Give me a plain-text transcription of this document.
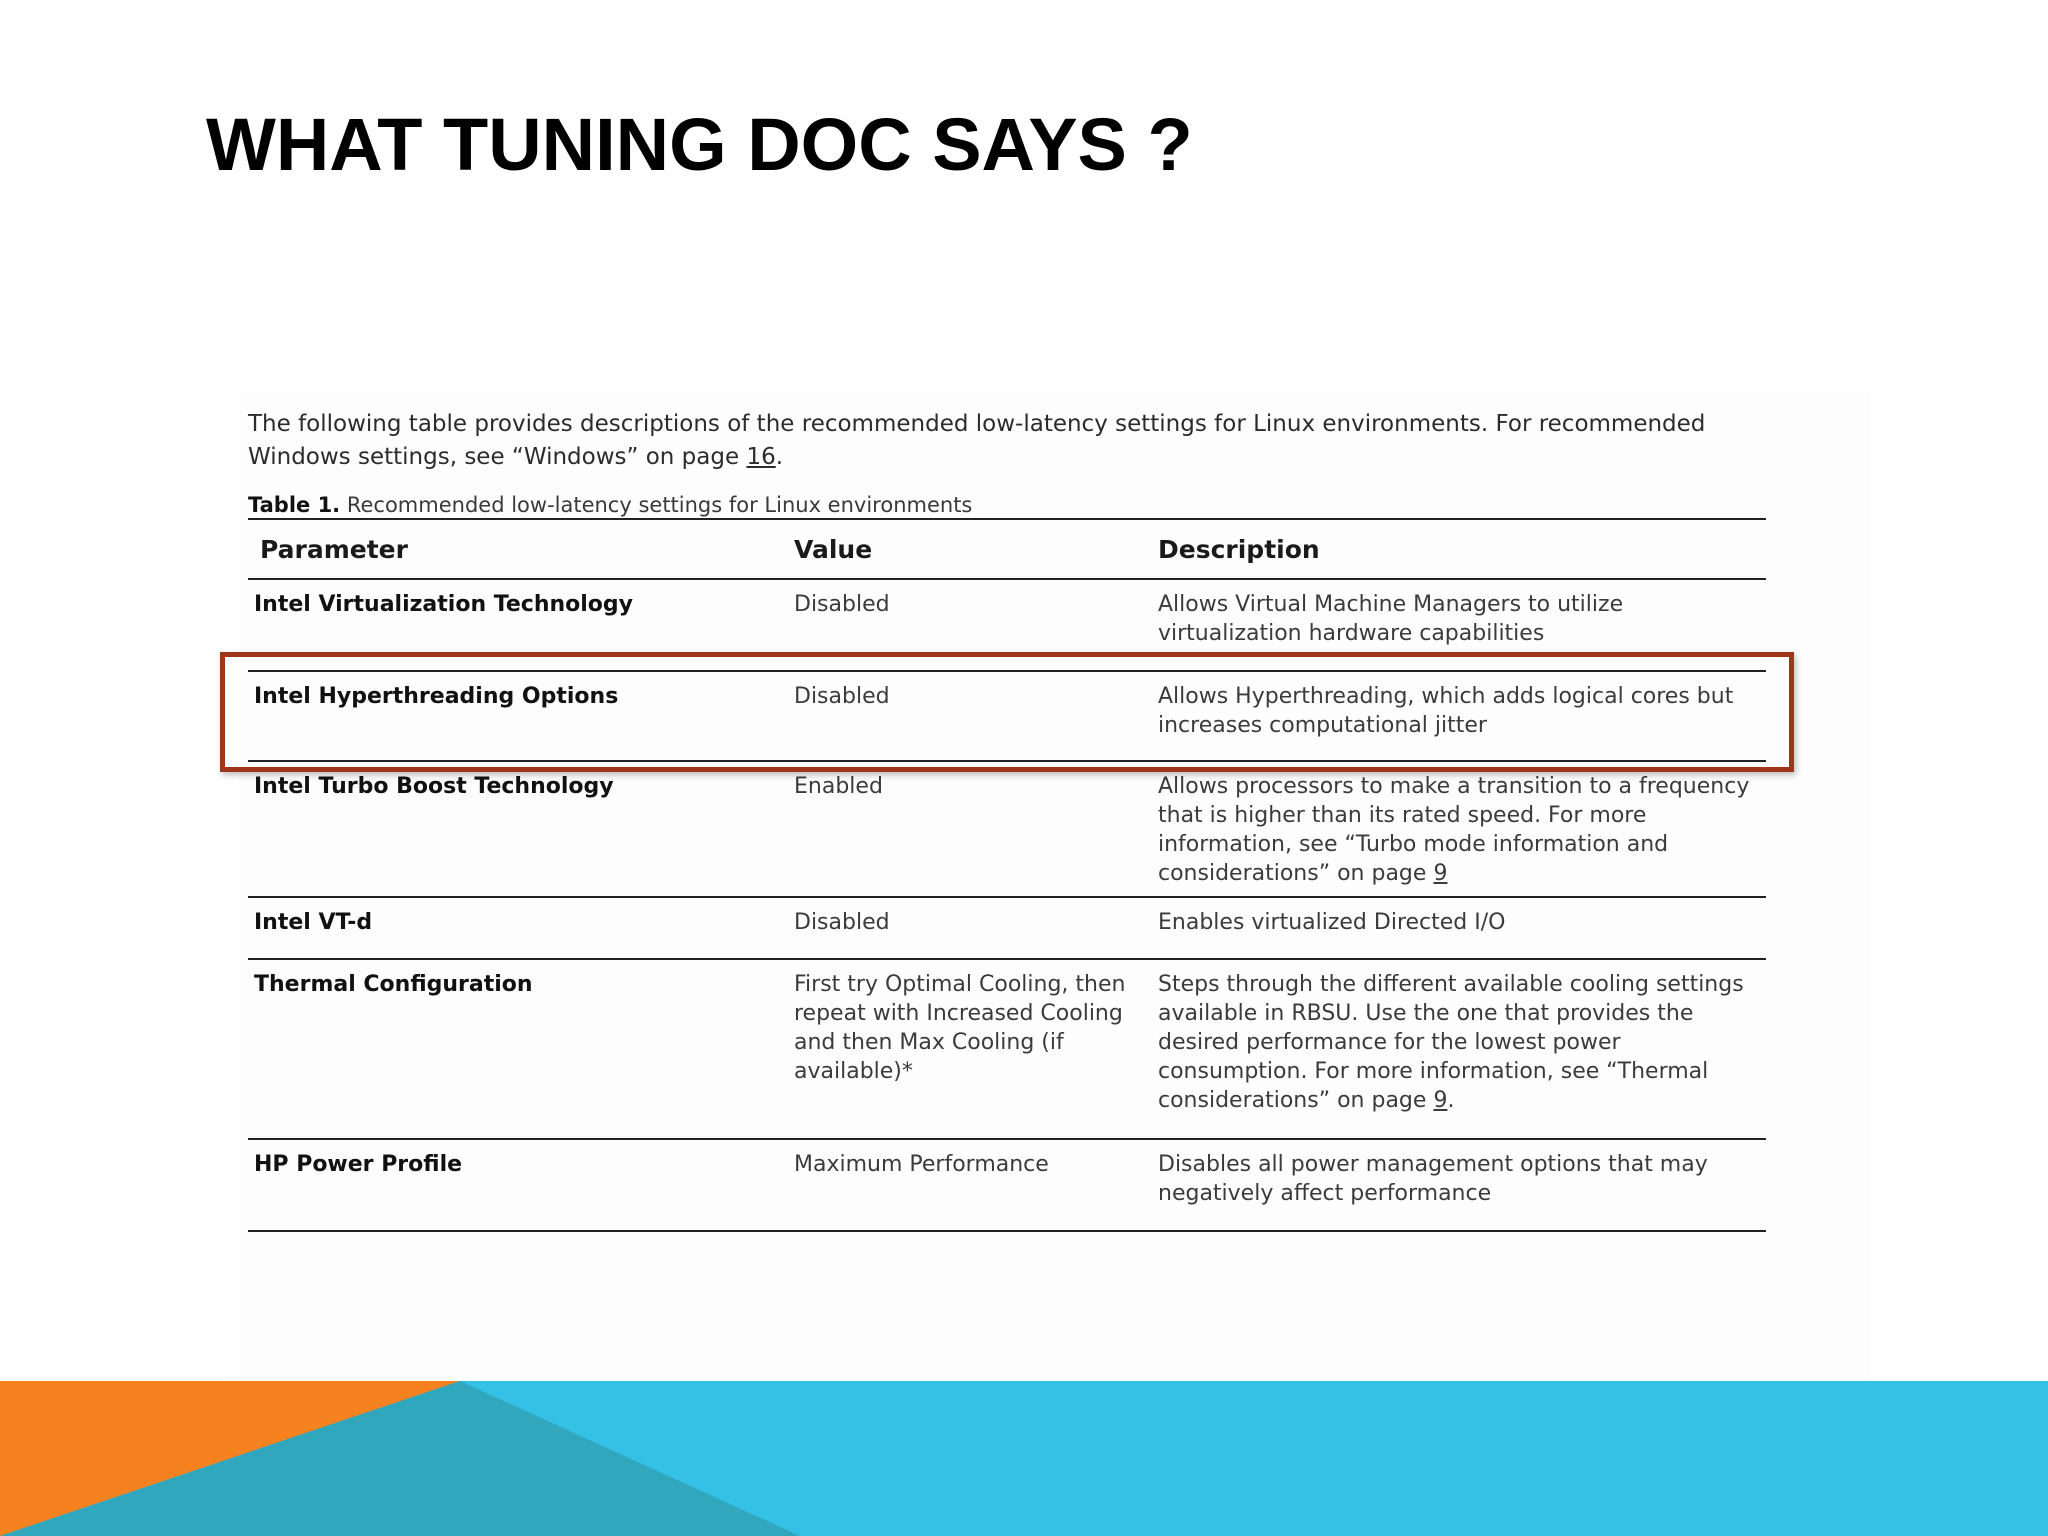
WHAT TUNING DOC SAYS ?

The following table provides descriptions of the recommended low-latency settings for Linux environments. For recommended Windows settings, see “Windows” on page 16.

Table 1. Recommended low-latency settings for Linux environments

Parameter	Value	Description
Intel Virtualization Technology	Disabled	Allows Virtual Machine Managers to utilize virtualization hardware capabilities
Intel Hyperthreading Options	Disabled	Allows Hyperthreading, which adds logical cores but increases computational jitter
Intel Turbo Boost Technology	Enabled	Allows processors to make a transition to a frequency that is higher than its rated speed. For more information, see “Turbo mode information and considerations” on page 9
Intel VT-d	Disabled	Enables virtualized Directed I/O
Thermal Configuration	First try Optimal Cooling, then repeat with Increased Cooling and then Max Cooling (if available)*	Steps through the different available cooling settings available in RBSU. Use the one that provides the desired performance for the lowest power consumption. For more information, see “Thermal considerations” on page 9.
HP Power Profile	Maximum Performance	Disables all power management options that may negatively affect performance
